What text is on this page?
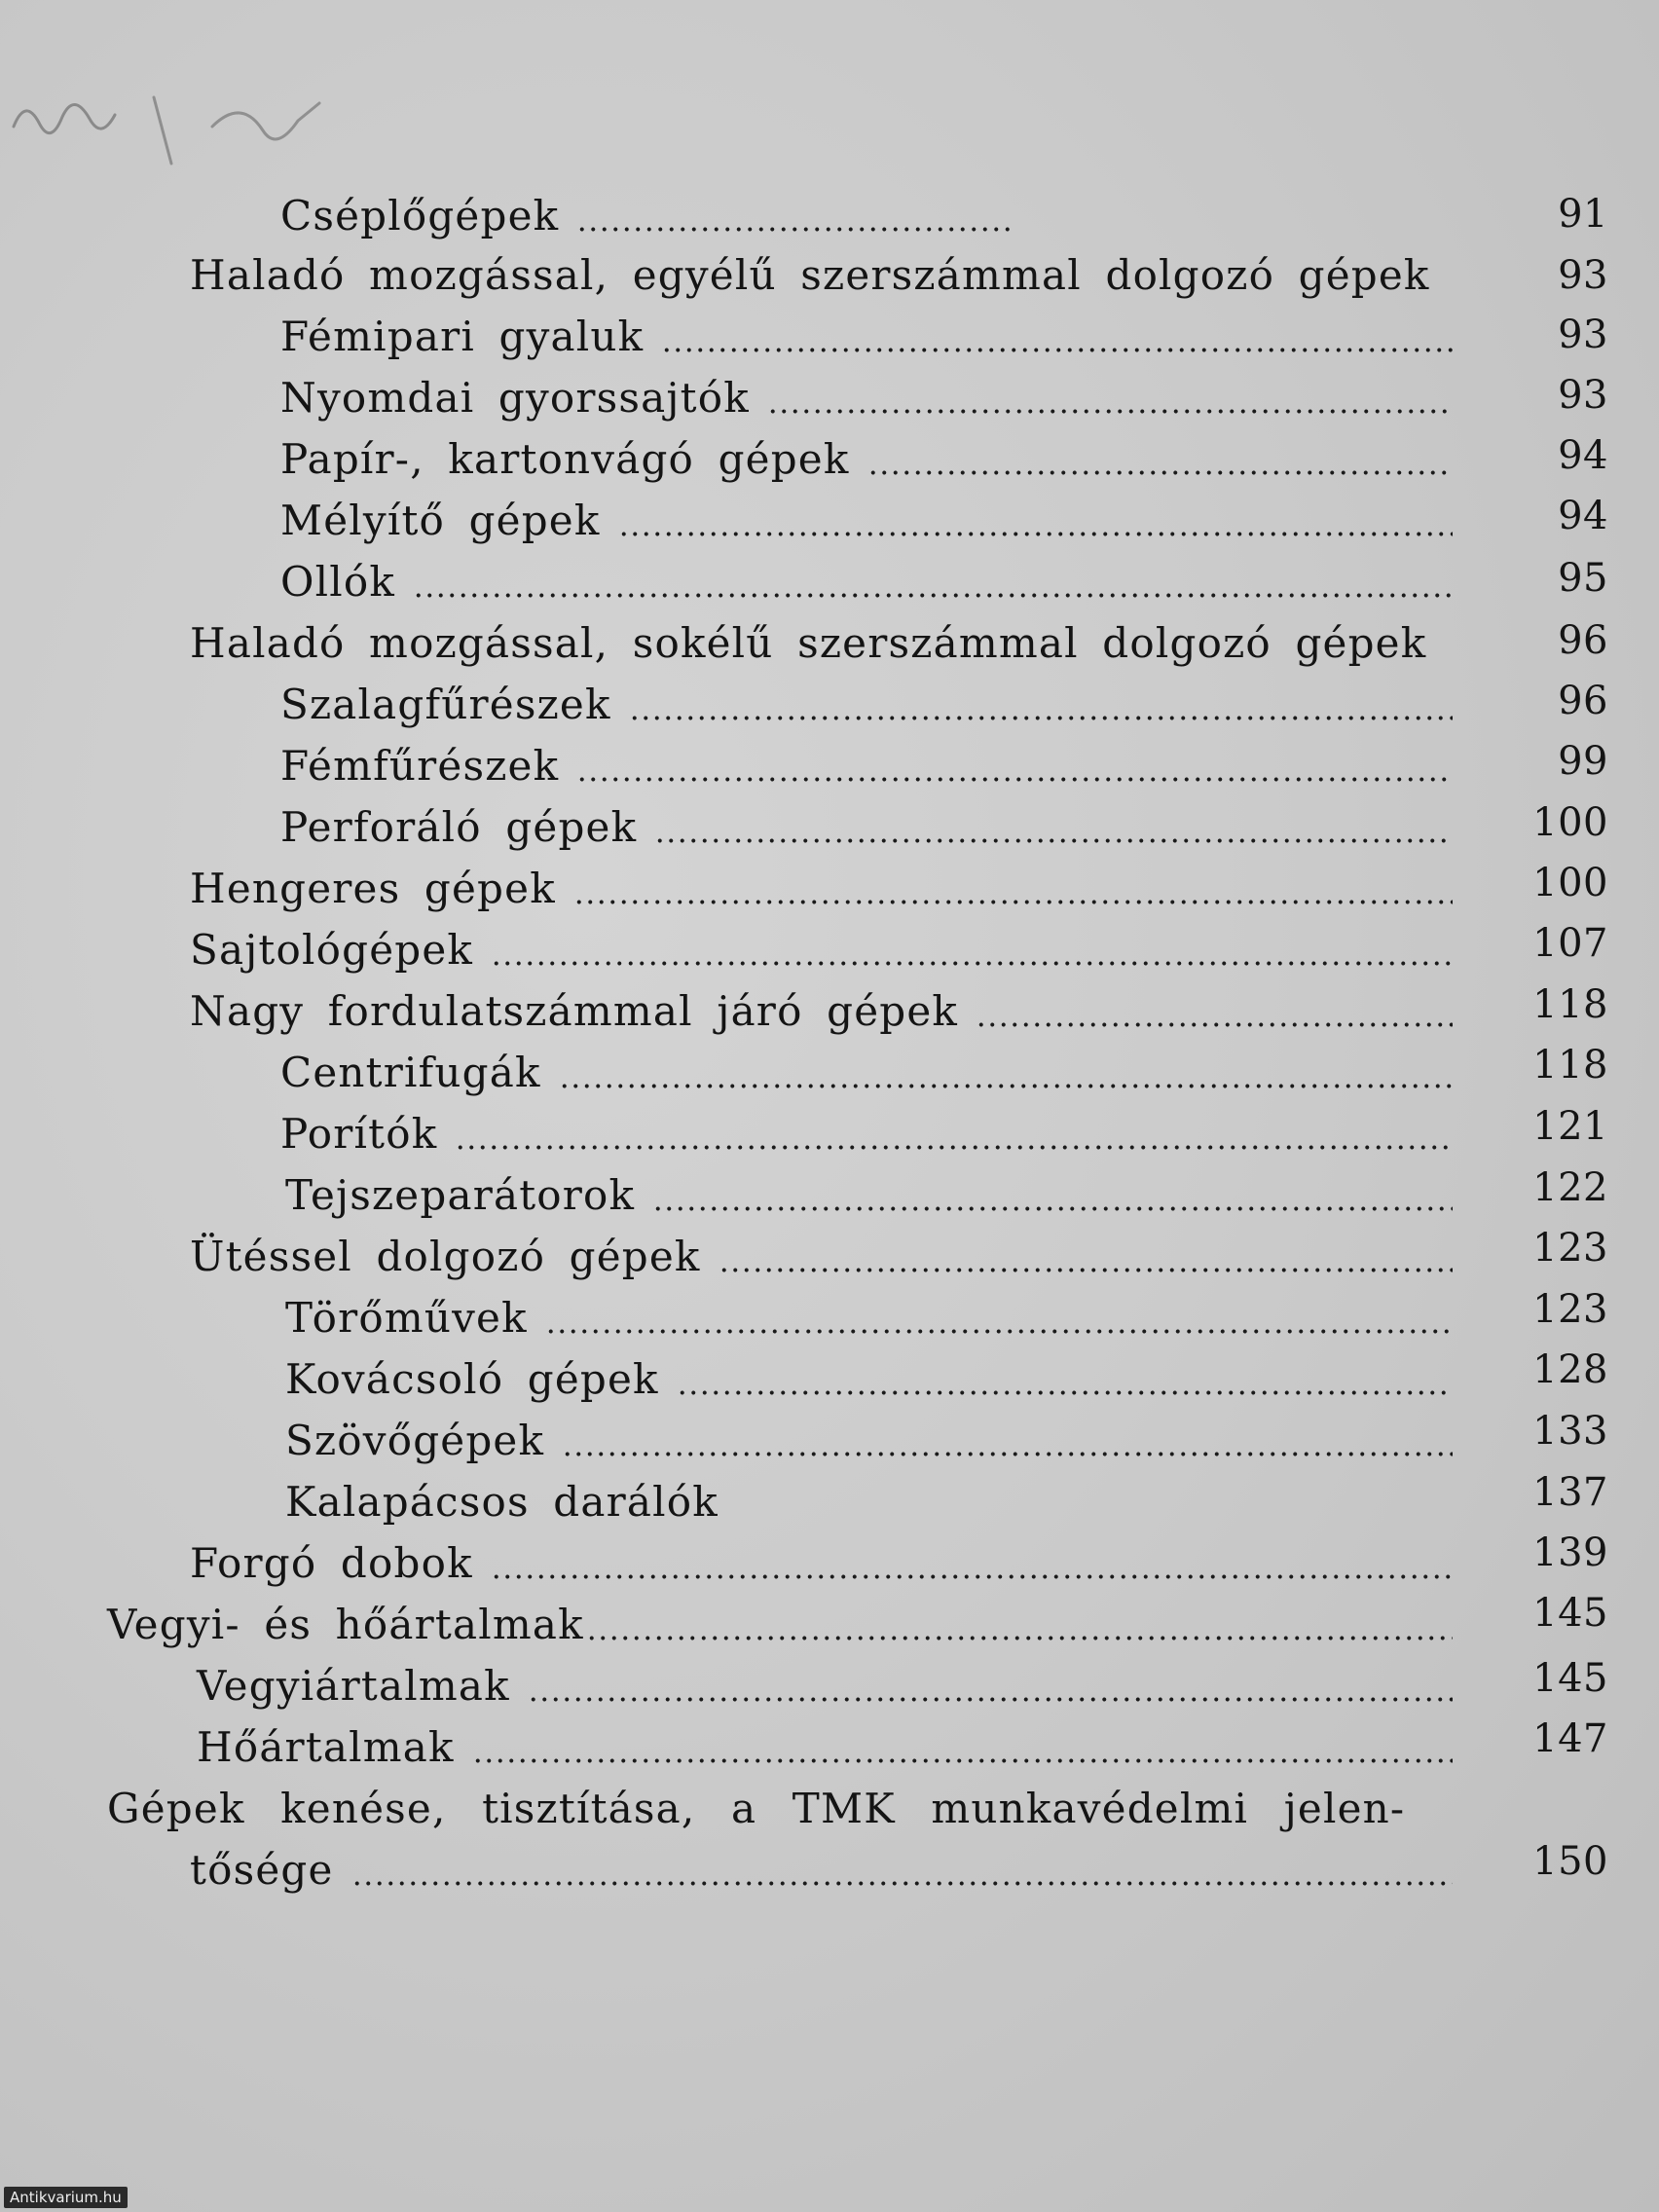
Cséplőgépek	91
Haladó mozgással, egyélű szerszámmal dolgozó gépek	93
Fémipari gyaluk	93
Nyomdai gyorssajtók	93
Papír-, kartonvágó gépek	94
Mélyítő gépek	94
Ollók	95
Haladó mozgással, sokélű szerszámmal dolgozó gépek	96
Szalagfűrészek	96
Fémfűrészek	99
Perforáló gépek	100
Hengeres gépek	100
Sajtológépek	107
Nagy fordulatszámmal járó gépek	118
Centrifugák	118
Porítók	121
Tejszeparátorok	122
Ütéssel dolgozó gépek	123
Törőművek	123
Kovácsoló gépek	128
Szövőgépek	133
Kalapácsos darálók	137
Forgó dobok	139
Vegyi- és hőártalmak	145
Vegyiártalmak	145
Hőártalmak	147
Gépek kenése, tisztítása, a TMK munkavédelmi jelen-
tősége	150
Antikvarium.hu
